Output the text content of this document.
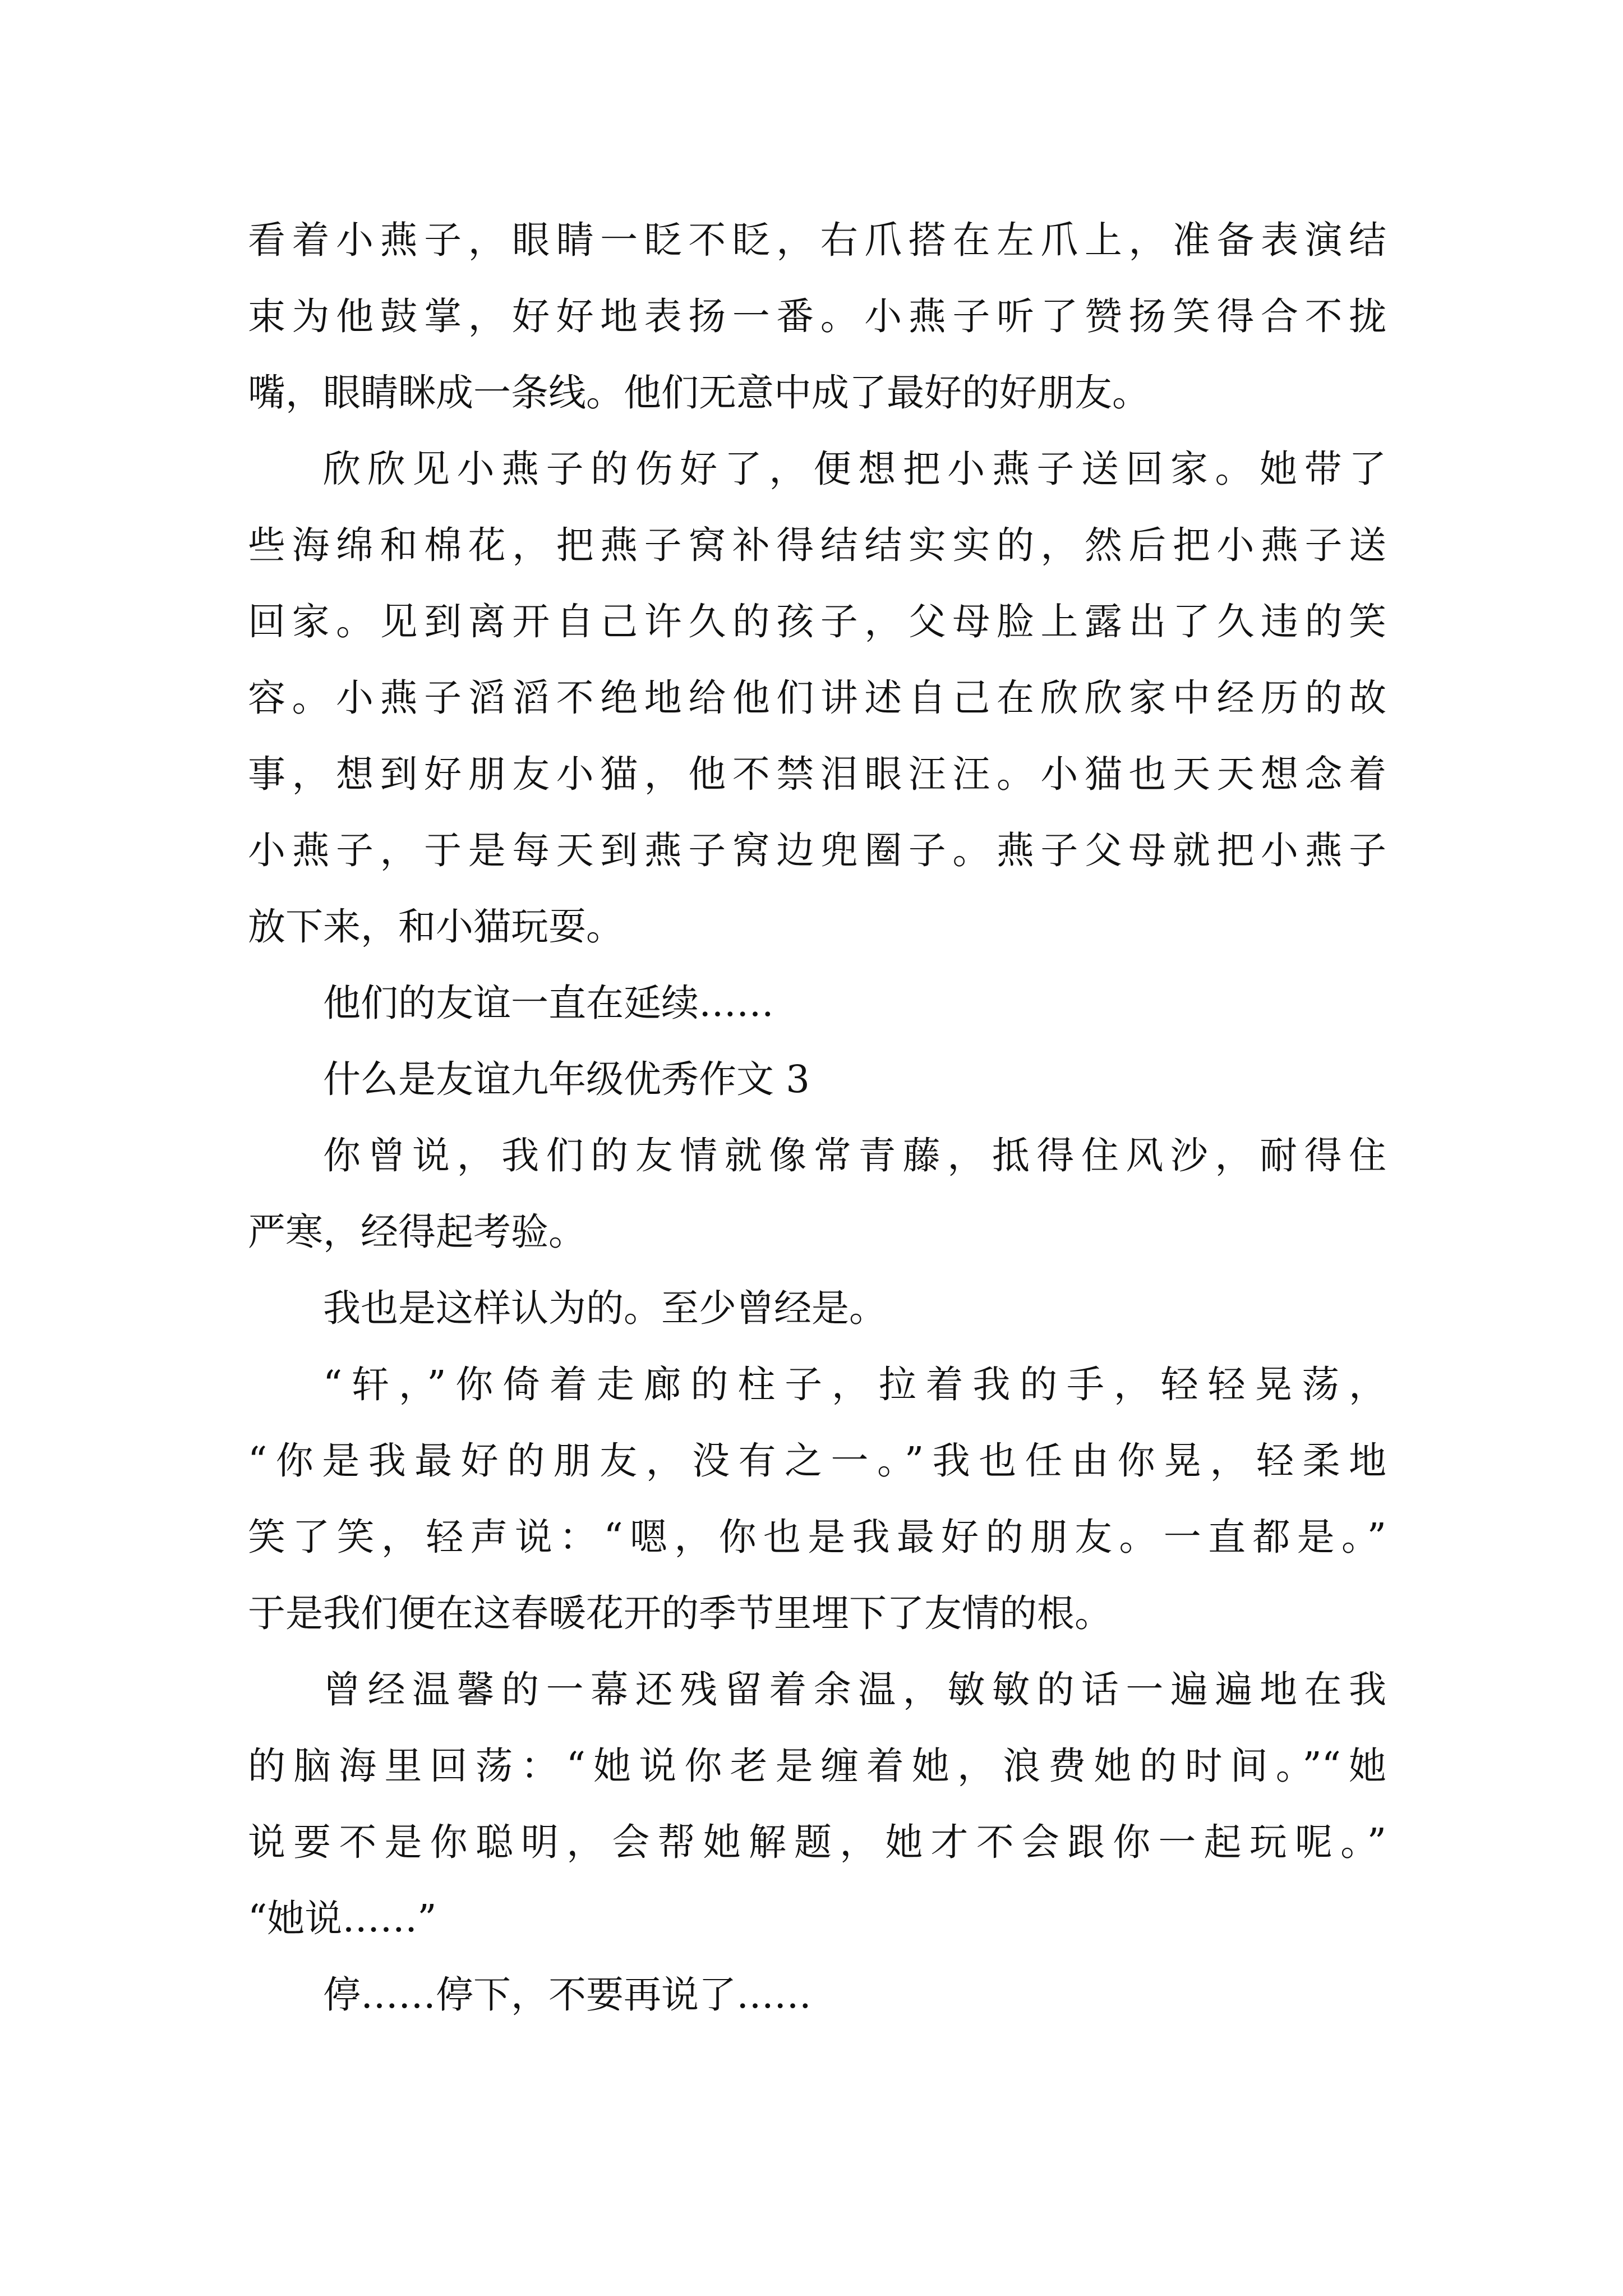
看着小燕子，眼睛一眨不眨，右爪搭在左爪上，准备表演结
束为他鼓掌，好好地表扬一番。小燕子听了赞扬笑得合不拢
嘴，眼睛眯成一条线。他们无意中成了最好的好朋友。
欣欣见小燕子的伤好了，便想把小燕子送回家。她带了
些海绵和棉花，把燕子窝补得结结实实的，然后把小燕子送
回家。见到离开自己许久的孩子，父母脸上露出了久违的笑
容。小燕子滔滔不绝地给他们讲述自己在欣欣家中经历的故
事，想到好朋友小猫，他不禁泪眼汪汪。小猫也天天想念着
小燕子，于是每天到燕子窝边兜圈子。燕子父母就把小燕子
放下来，和小猫玩耍。
他们的友谊一直在延续……
什么是友谊九年级优秀作文 3
你曾说，我们的友情就像常青藤，抵得住风沙，耐得住
严寒，经得起考验。
我也是这样认为的。至少曾经是。
“轩，”你倚着走廊的柱子，拉着我的手，轻轻晃荡，
“你是我最好的朋友，没有之一。”我也任由你晃，轻柔地
笑了笑，轻声说：“嗯，你也是我最好的朋友。一直都是。”
于是我们便在这春暖花开的季节里埋下了友情的根。
曾经温馨的一幕还残留着余温，敏敏的话一遍遍地在我
的脑海里回荡：“她说你老是缠着她，浪费她的时间。”“她
说要不是你聪明，会帮她解题，她才不会跟你一起玩呢。”
“她说……”
停……停下，不要再说了……
